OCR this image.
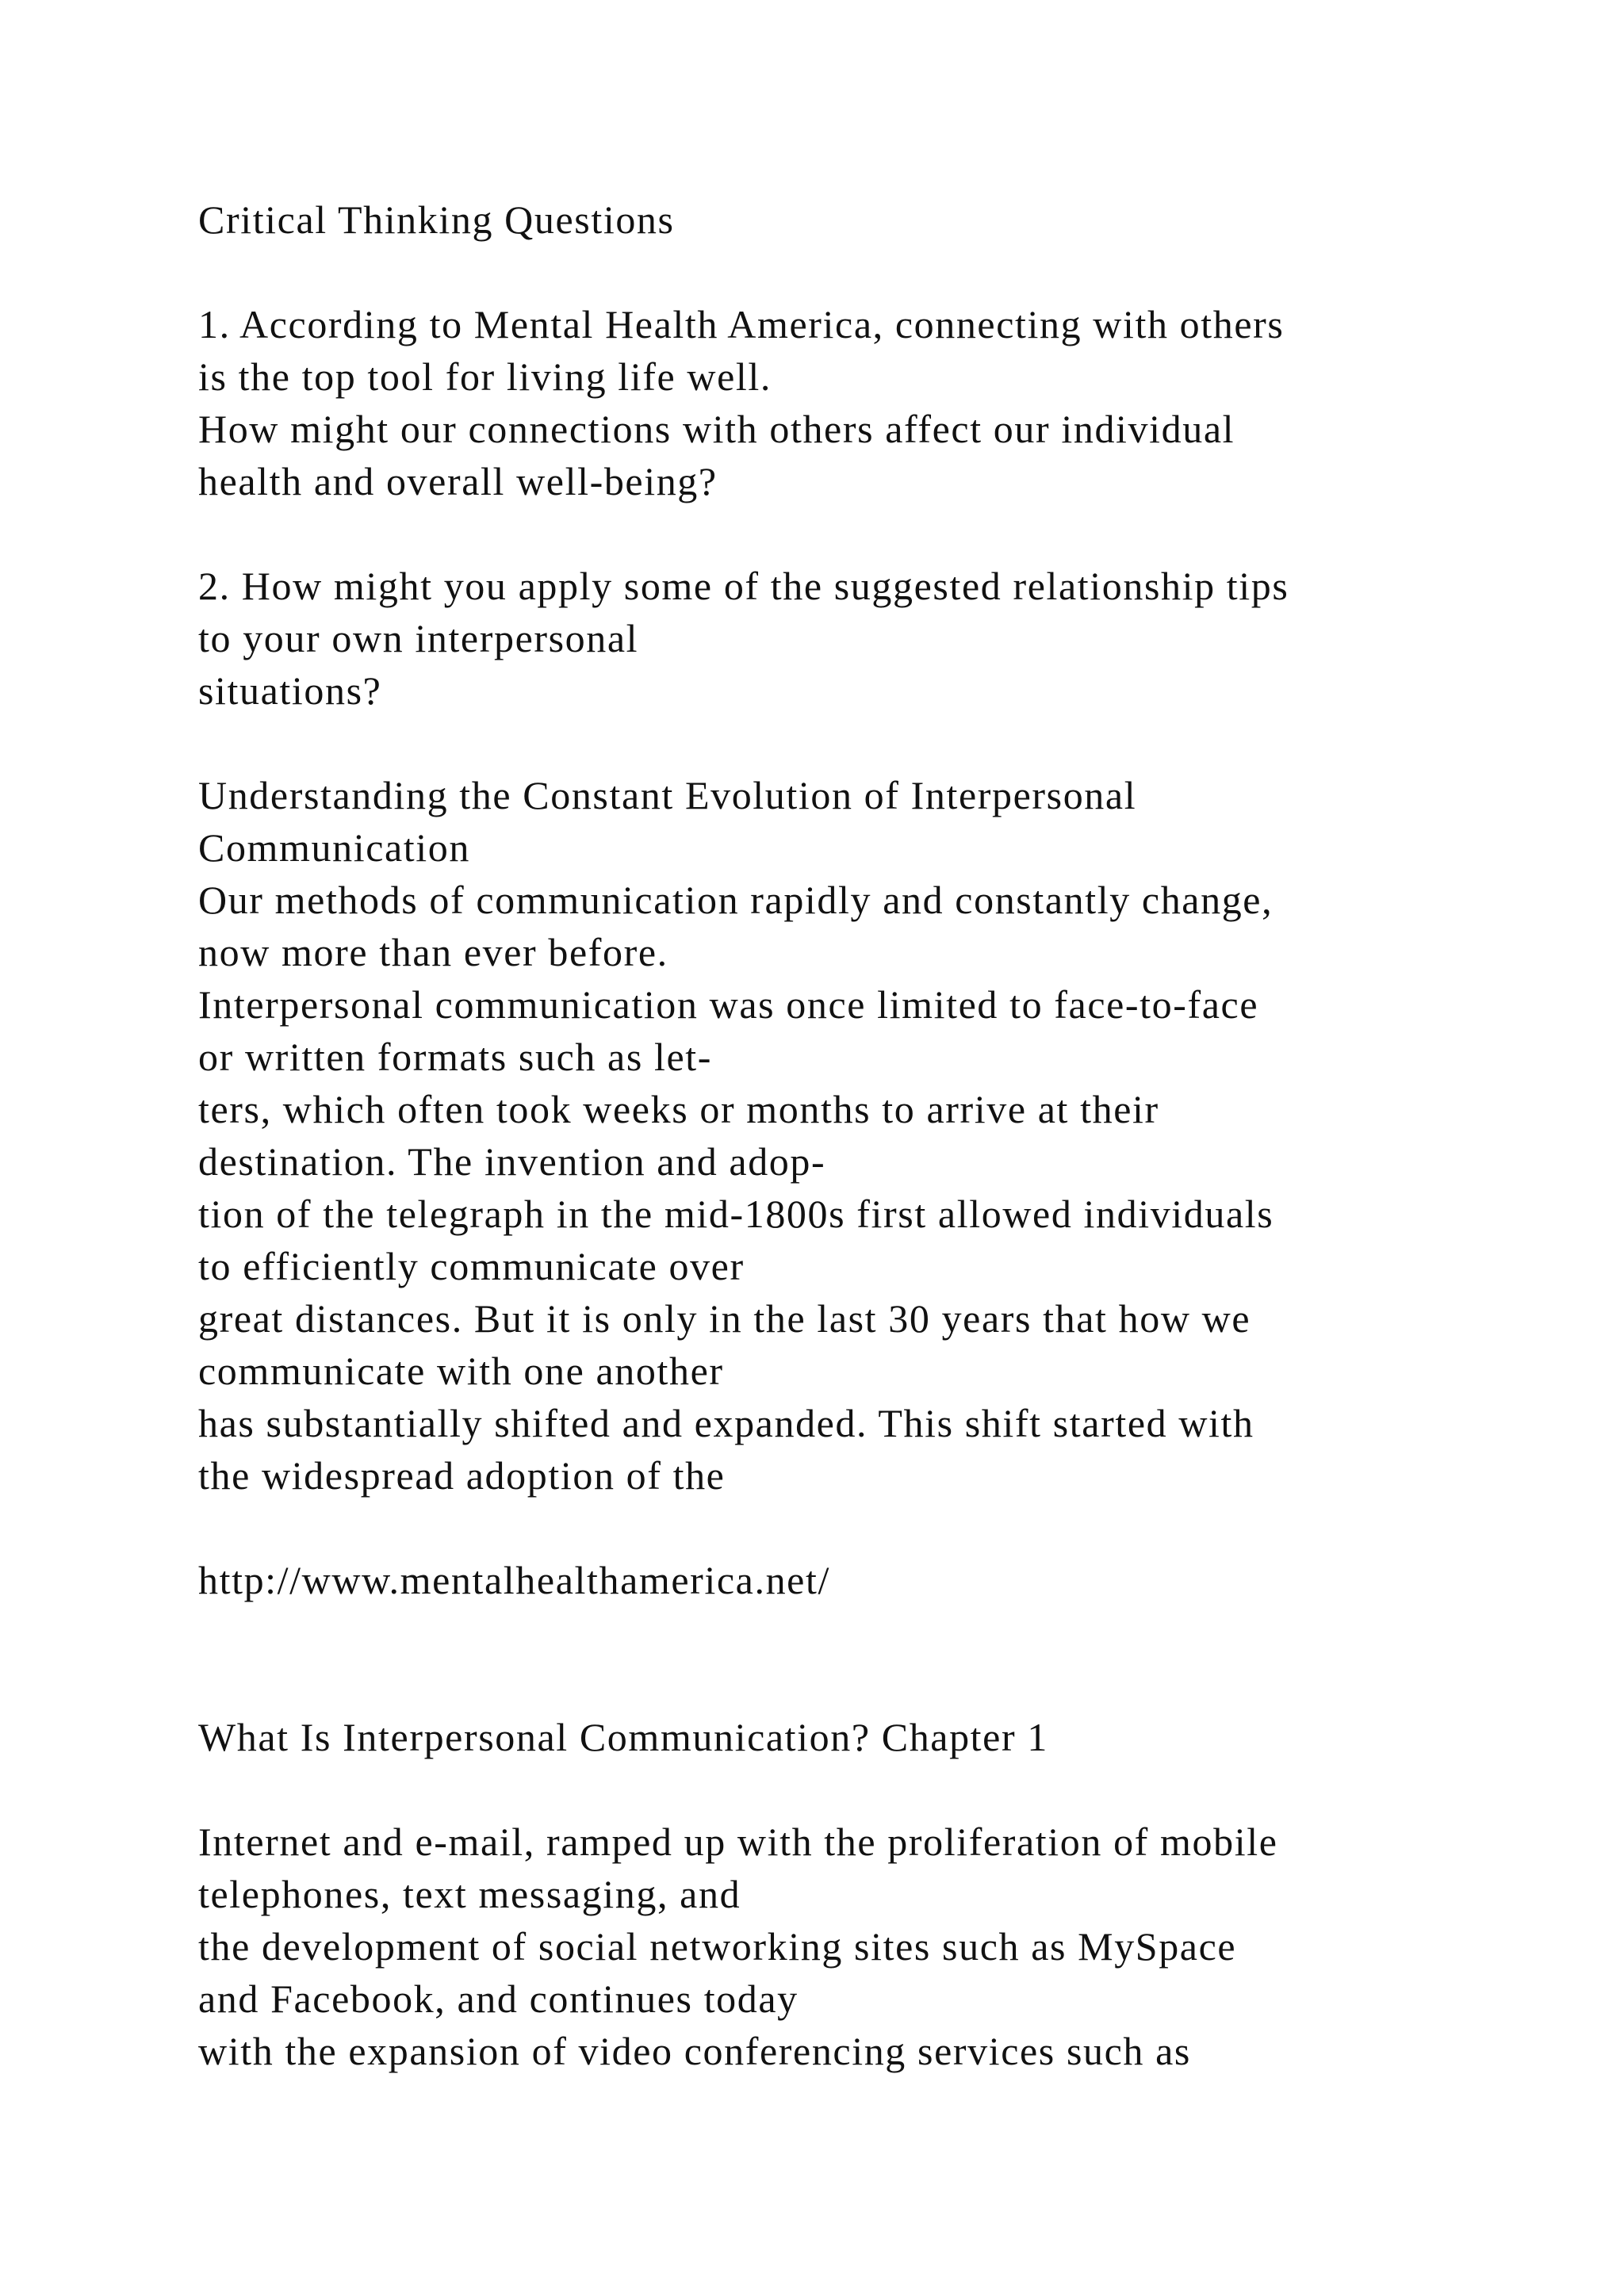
Critical Thinking Questions
1. According to Mental Health America, connecting with others
is the top tool for living life well.
How might our connections with others affect our individual
health and overall well-being?
2. How might you apply some of the suggested relationship tips
to your own interpersonal
situations?
Understanding the Constant Evolution of Interpersonal
Communication
Our methods of communication rapidly and constantly change,
now more than ever before.
Interpersonal communication was once limited to face-to-face
or written formats such as let-
ters, which often took weeks or months to arrive at their
destination. The invention and adop-
tion of the telegraph in the mid-1800s first allowed individuals
to efficiently communicate over
great distances. But it is only in the last 30 years that how we
communicate with one another
has substantially shifted and expanded. This shift started with
the widespread adoption of the
http://www.mentalhealthamerica.net/
What Is Interpersonal Communication? Chapter 1
Internet and e-mail, ramped up with the proliferation of mobile
telephones, text messaging, and
the development of social networking sites such as MySpace
and Facebook, and continues today
with the expansion of video conferencing services such as
